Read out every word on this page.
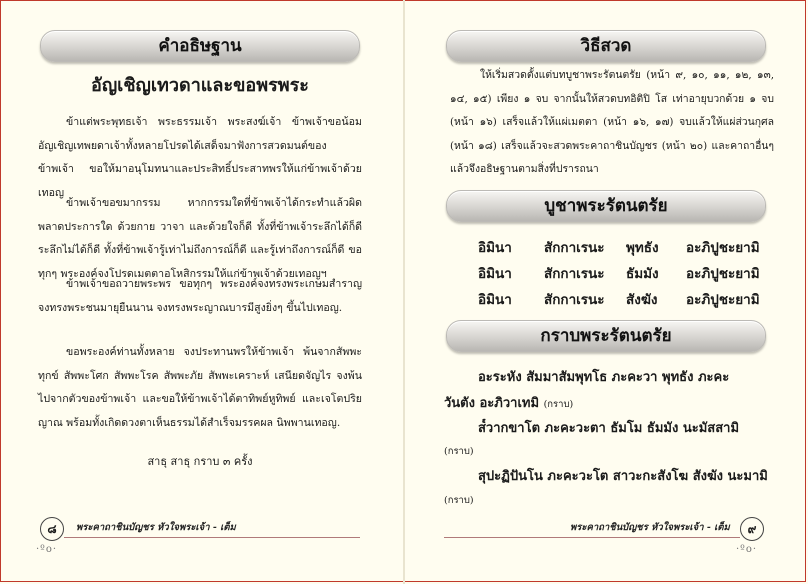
คำอธิษฐาน
อัญเชิญเทวดาและขอพรพระ

ข้าแต่พระพุทธเจ้า พระธรรมเจ้า พระสงฆ์เจ้า ข้าพเจ้าขอน้อมอัญเชิญเทพยดาเจ้าทั้งหลายโปรดได้เสด็จมาฟังการสวดมนต์ของข้าพเจ้า ขอให้มาอนุโมทนาและประสิทธิ์ประสาทพรให้แก่ข้าพเจ้าด้วยเทอญ

ข้าพเจ้าขอขมากรรม หากกรรมใดที่ข้าพเจ้าได้กระทำแล้วผิดพลาดประการใด ด้วยกาย วาจา และด้วยใจก็ดี ทั้งที่ข้าพเจ้าระลึกได้ก็ดี ระลึกไม่ได้ก็ดี ทั้งที่ข้าพเจ้ารู้เท่าไม่ถึงการณ์ก็ดี และรู้เท่าถึงการณ์ก็ดี ขอทุกๆ พระองค์จงโปรดเมตตาอโหสิกรรมให้แก่ข้าพเจ้าด้วยเทอญฯ

ข้าพเจ้าขอถวายพระพร ขอทุกๆ พระองค์จงทรงพระเกษมสำราญ จงทรงพระชนมายุยืนนาน จงทรงพระญาณบารมีสูงยิ่งๆ ขึ้นไปเทอญ.

ขอพระองค์ท่านทั้งหลาย จงประทานพรให้ข้าพเจ้า พ้นจากสัพพะทุกข์ สัพพะโศก สัพพะโรค สัพพะภัย สัพพะเคราะห์ เสนียดจัญไร จงพ้นไปจากตัวของข้าพเจ้า และขอให้ข้าพเจ้าได้ตาทิพย์หูทิพย์ และเจโตปริยญาณ พร้อมทั้งเกิดดวงตาเห็นธรรมได้สำเร็จมรรคผล นิพพานเทอญ.

สาธุ สาธุ กราบ ๓ ครั้ง
๘
·ºo·
พระคาถาชินบัญชร หัวใจพระเจ้า - เต็ม
วิธีสวด

ให้เริ่มสวดตั้งแต่บทบูชาพระรัตนตรัย (หน้า ๙, ๑๐, ๑๑, ๑๒, ๑๓, ๑๔, ๑๕) เพียง ๑ จบ จากนั้นให้สวดบทอิติปิ โส เท่าอายุบวกด้วย ๑ จบ (หน้า ๑๖) เสร็จแล้วให้แผ่เมตตา (หน้า ๑๖, ๑๗) จบแล้วให้แผ่ส่วนกุศล (หน้า ๑๘) เสร็จแล้วจะสวดพระคาถาชินบัญชร (หน้า ๒๐) และคาถาอื่นๆ แล้วจึงอธิษฐานตามสิ่งที่ปรารถนา

บูชาพระรัตนตรัย
อิมินา สักกาเรนะ พุทธัง อะภิปูชะยามิ
อิมินา สักกาเรนะ ธัมมัง อะภิปูชะยามิ
อิมินา สักกาเรนะ สังฆัง อะภิปูชะยามิ
กราบพระรัตนตรัย
อะระหัง สัมมาสัมพุทโธ ภะคะวา พุทธัง ภะคะ
วันตัง อะภิวาเทมิ (กราบ)
ส๎วากขาโต ภะคะวะตา ธัมโม ธัมมัง นะมัสสามิ
(กราบ)
สุปะฏิปันโน ภะคะวะโต สาวะกะสังโฆ สังฆัง นะมามิ
(กราบ)
พระคาถาชินบัญชร หัวใจพระเจ้า - เต็ม	๙
·ºo·
